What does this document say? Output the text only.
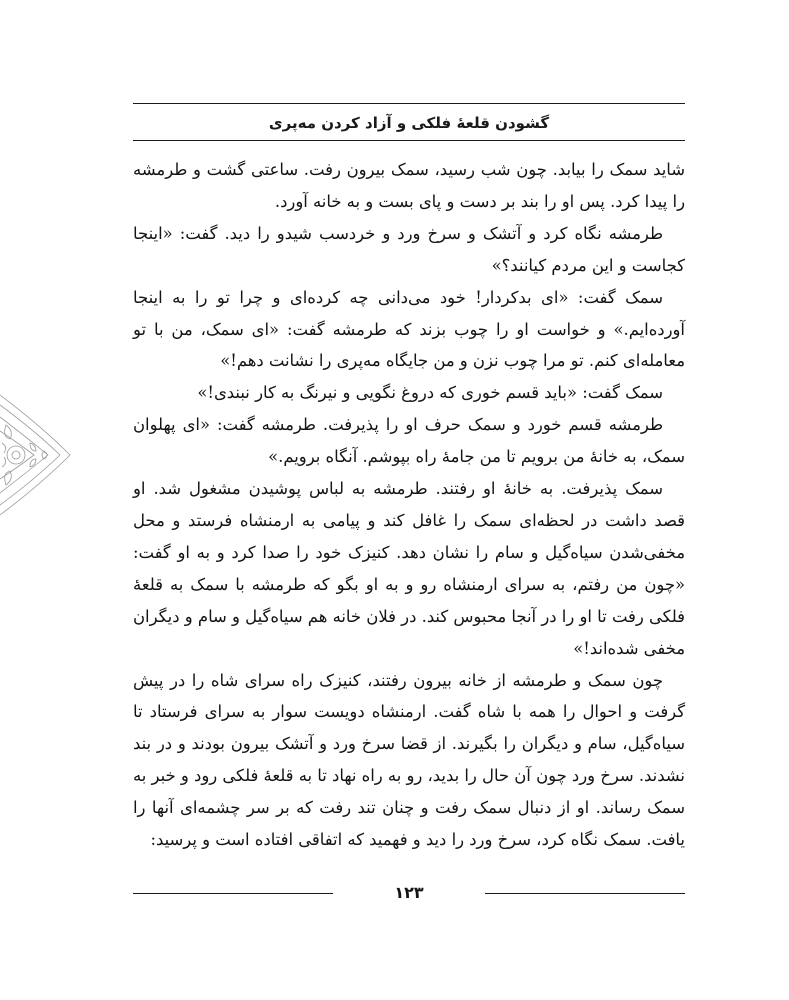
گشودن قلعهٔ فلکی و آزاد کردن مه‌پری

شاید سمک را بیابد. چون شب رسید، سمک بیرون رفت. ساعتی گشت و طرمشه را پیدا کرد. پس او را بند بر دست و پای بست و به خانه آورد.

طرمشه نگاه کرد و آتشک و سرخ ورد و خردسب شیدو را دید. گفت: «اینجا کجاست و این مردم کیانند؟»

سمک گفت: «ای بدکردار! خود می‌دانی چه کرده‌ای و چرا تو را به اینجا آورده‌ایم.» و خواست او را چوب بزند که طرمشه گفت: «ای سمک، من با تو معامله‌ای کنم. تو مرا چوب نزن و من جایگاه مه‌پری را نشانت دهم!»

سمک گفت: «باید قسم خوری که دروغ نگویی و نیرنگ به کار نبندی!»

طرمشه قسم خورد و سمک حرف او را پذیرفت. طرمشه گفت: «ای پهلوان سمک، به خانهٔ من برویم تا من جامهٔ راه بپوشم. آنگاه برویم.»

سمک پذیرفت. به خانهٔ او رفتند. طرمشه به لباس پوشیدن مشغول شد. او قصد داشت در لحظه‌ای سمک را غافل کند و پیامی به ارمنشاه فرستد و محل مخفی‌شدن سیاه‌گیل و سام را نشان دهد. کنیزک خود را صدا کرد و به او گفت: «چون من رفتم، به سرای ارمنشاه رو و به او بگو که طرمشه با سمک به قلعهٔ فلکی رفت تا او را در آنجا محبوس کند. در فلان خانه هم سیاه‌گیل و سام و دیگران مخفی شده‌اند!»

چون سمک و طرمشه از خانه بیرون رفتند، کنیزک راه سرای شاه را در پیش گرفت و احوال را همه با شاه گفت. ارمنشاه دویست سوار به سرای فرستاد تا سیاه‌گیل، سام و دیگران را بگیرند. از قضا سرخ ورد و آتشک بیرون بودند و در بند نشدند. سرخ ورد چون آن حال را بدید، رو به راه نهاد تا به قلعهٔ فلکی رود و خبر به سمک رساند. او از دنبال سمک رفت و چنان تند رفت که بر سر چشمه‌ای آنها را یافت. سمک نگاه کرد، سرخ ورد را دید و فهمید که اتفاقی افتاده است و پرسید:

۱۲۳
